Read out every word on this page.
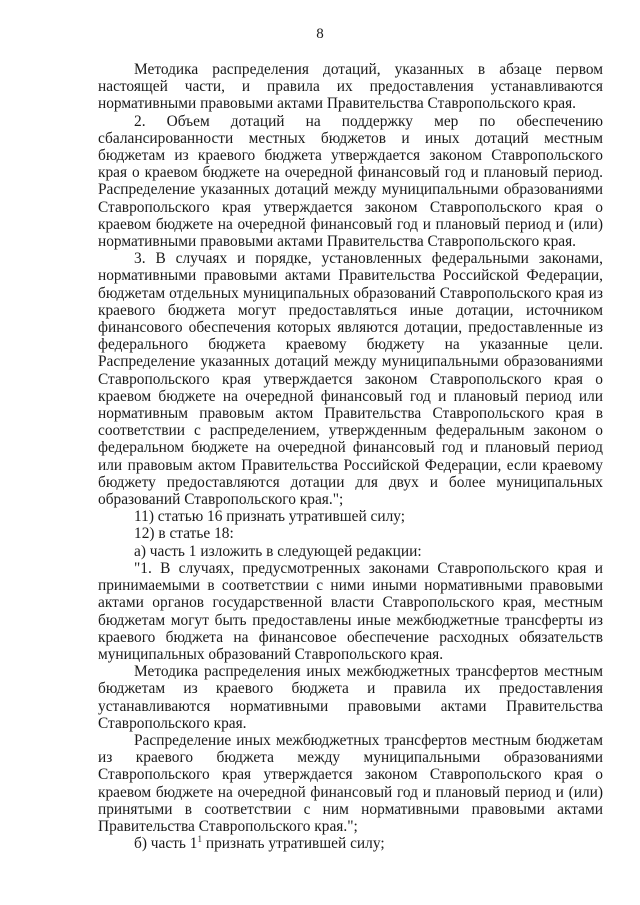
8

Методика распределения дотаций, указанных в абзаце первом настоящей части, и правила их предоставления устанавливаются нормативными правовыми актами Правительства Ставропольского края.

2. Объем дотаций на поддержку мер по обеспечению сбалансированности местных бюджетов и иных дотаций местным бюджетам из краевого бюджета утверждается законом Ставропольского края о краевом бюджете на очередной финансовый год и плановый период. Распределение указанных дотаций между муниципальными образованиями Ставропольского края утверждается законом Ставропольского края о краевом бюджете на очередной финансовый год и плановый период и (или) нормативными правовыми актами Правительства Ставропольского края.

3. В случаях и порядке, установленных федеральными законами, нормативными правовыми актами Правительства Российской Федерации, бюджетам отдельных муниципальных образований Ставропольского края из краевого бюджета могут предоставляться иные дотации, источником финансового обеспечения которых являются дотации, предоставленные из федерального бюджета краевому бюджету на указанные цели. Распределение указанных дотаций между муниципальными образованиями Ставропольского края утверждается законом Ставропольского края о краевом бюджете на очередной финансовый год и плановый период или нормативным правовым актом Правительства Ставропольского края в соответствии с распределением, утвержденным федеральным законом о федеральном бюджете на очередной финансовый год и плановый период или правовым актом Правительства Российской Федерации, если краевому бюджету предоставляются дотации для двух и более муниципальных образований Ставропольского края.";

11) статью 16 признать утратившей силу;

12) в статье 18:

а) часть 1 изложить в следующей редакции:

"1. В случаях, предусмотренных законами Ставропольского края и принимаемыми в соответствии с ними иными нормативными правовыми актами органов государственной власти Ставропольского края, местным бюджетам могут быть предоставлены иные межбюджетные трансферты из краевого бюджета на финансовое обеспечение расходных обязательств муниципальных образований Ставропольского края.

Методика распределения иных межбюджетных трансфертов местным бюджетам из краевого бюджета и правила их предоставления устанавливаются нормативными правовыми актами Правительства Ставропольского края.

Распределение иных межбюджетных трансфертов местным бюджетам из краевого бюджета между муниципальными образованиями Ставропольского края утверждается законом Ставропольского края о краевом бюджете на очередной финансовый год и плановый период и (или) принятыми в соответствии с ним нормативными правовыми актами Правительства Ставропольского края.";

б) часть $1^1$ признать утратившей силу;
